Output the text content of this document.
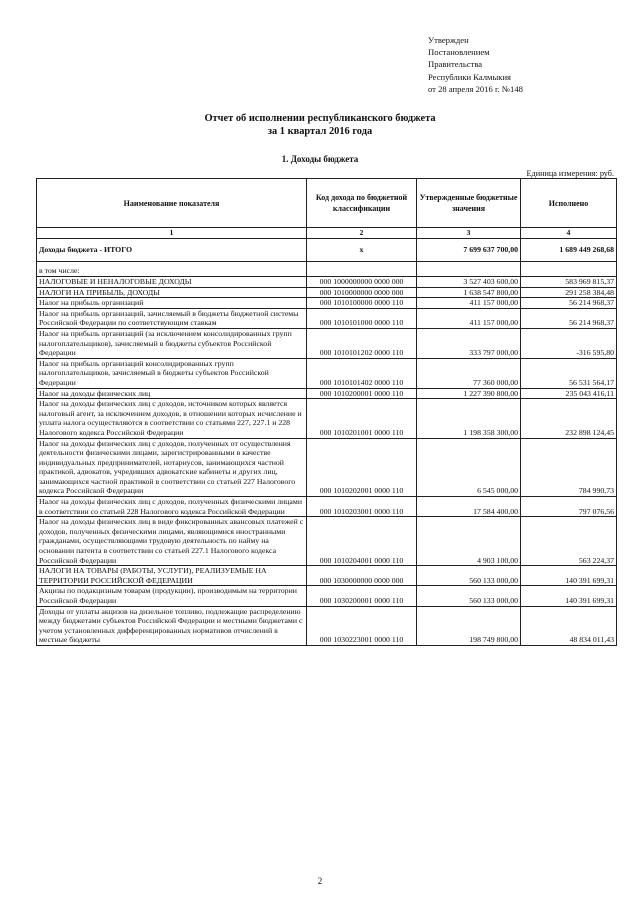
Утвержден
Постановлением
Правительства
Республики Калмыкия
от 28 апреля 2016 г. №148
Отчет об исполнении республиканского бюджета
за 1 квартал 2016 года
1. Доходы бюджета
Единица измерения: руб.
Наименование показателя	Код дохода по бюджетной классификации	Утвержденные бюджетные значения	Исполнено
1	2	3	4
Доходы бюджета - ИТОГО	x	7 699 637 700,00	1 689 449 268,68
в том числе:			
НАЛОГОВЫЕ И НЕНАЛОГОВЫЕ ДОХОДЫ	000 1000000000 0000 000	3 527 403 600,00	583 969 815,37
НАЛОГИ НА ПРИБЫЛЬ, ДОХОДЫ	000 1010000000 0000 000	1 638 547 800,00	291 258 384,48
Налог на прибыль организаций	000 1010100000 0000 110	411 157 000,00	56 214 968,37
Налог на прибыль организаций, зачисляемый в бюджеты бюджетной системы Российской Федерации по соответствующим ставкам	000 1010101000 0000 110	411 157 000,00	56 214 968,37
Налог на прибыль организаций (за исключением консолидированных групп налогоплательщиков), зачисляемый в бюджеты субъектов Российской Федерации	000 1010101202 0000 110	333 797 000,00	-316 595,80
Налог на прибыль организаций консолидированных групп налогоплательщиков, зачисляемый в бюджеты субъектов Российской Федерации	000 1010101402 0000 110	77 360 000,00	56 531 564,17
Налог на доходы физических лиц	000 1010200001 0000 110	1 227 390 800,00	235 043 416,11
Налог на доходы физических лиц с доходов, источником которых является налоговый агент, за исключением доходов, в отношении которых исчисление и уплата налога осуществляются в соответствии со статьями 227, 227.1 и 228 Налогового кодекса Российской Федерации	000 1010201001 0000 110	1 198 358 300,00	232 898 124,45
Налог на доходы физических лиц с доходов, полученных от осуществления деятельности физическими лицами, зарегистрированными в качестве индивидуальных предпринимателей, нотариусов, занимающихся частной практикой, адвокатов, учредивших адвокатские кабинеты и других лиц, занимающихся частной практикой в соответствии со статьей 227 Налогового кодекса Российской Федерации	000 1010202001 0000 110	6 545 000,00	784 990,73
Налог на доходы физических лиц с доходов, полученных физическими лицами в соответствии со статьей 228 Налогового кодекса Российской Федерации	000 1010203001 0000 110	17 584 400,00	797 076,56
Налог на доходы физических лиц в виде фиксированных авансовых платежей с доходов, полученных физическими лицами, являющимися иностранными гражданами, осуществляющими трудовую деятельность по найму на основании патента в соответствии со статьей 227.1 Налогового кодекса Российской Федерации	000 1010204001 0000 110	4 903 100,00	563 224,37
НАЛОГИ НА ТОВАРЫ (РАБОТЫ, УСЛУГИ), РЕАЛИЗУЕМЫЕ НА ТЕРРИТОРИИ РОССИЙСКОЙ ФЕДЕРАЦИИ	000 1030000000 0000 000	560 133 000,00	140 391 699,31
Акцизы по подакцизным товарам (продукции), производимым на территории Российской Федерации	000 1030200001 0000 110	560 133 000,00	140 391 699,31
Доходы от уплаты акцизов на дизельное топливо, подлежащие распределению между бюджетами субъектов Российской Федерации и местными бюджетами с учетом установленных дифференцированных нормативов отчислений в местные бюджеты	000 1030223001 0000 110	198 749 800,00	48 834 011,43
2
